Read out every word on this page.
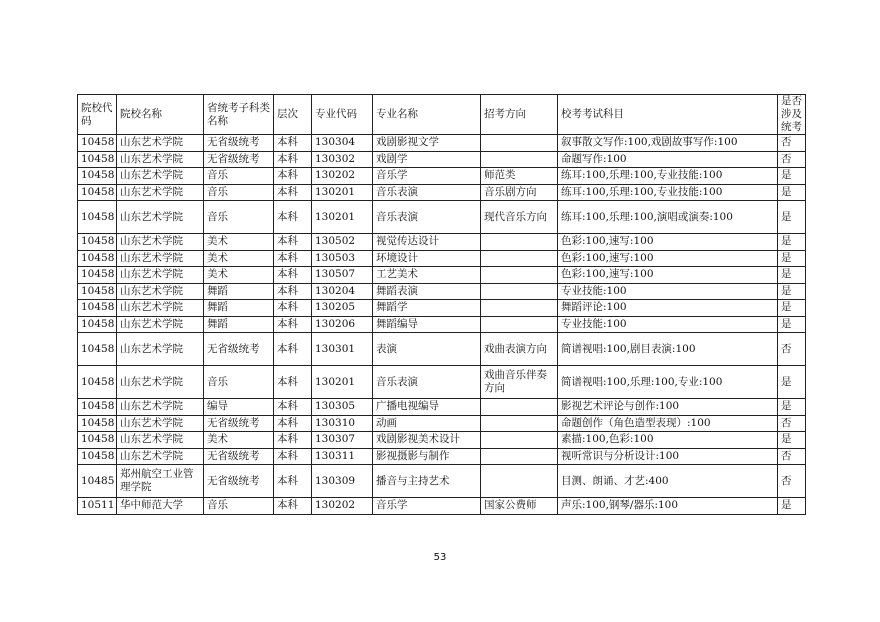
院校代码	院校名称	省统考子科类名称	层次	专业代码	专业名称	招考方向	校考考试科目	是否涉及统考
10458	山东艺术学院	无省级统考	本科	130304	戏剧影视文学		叙事散文写作:100,戏剧故事写作:100	否
10458	山东艺术学院	无省级统考	本科	130302	戏剧学		命题写作:100	否
10458	山东艺术学院	音乐	本科	130202	音乐学	师范类	练耳:100,乐理:100,专业技能:100	是
10458	山东艺术学院	音乐	本科	130201	音乐表演	音乐剧方向	练耳:100,乐理:100,专业技能:100	是
10458	山东艺术学院	音乐	本科	130201	音乐表演	现代音乐方向	练耳:100,乐理:100,演唱或演奏:100	是
10458	山东艺术学院	美术	本科	130502	视觉传达设计		色彩:100,速写:100	是
10458	山东艺术学院	美术	本科	130503	环境设计		色彩:100,速写:100	是
10458	山东艺术学院	美术	本科	130507	工艺美术		色彩:100,速写:100	是
10458	山东艺术学院	舞蹈	本科	130204	舞蹈表演		专业技能:100	是
10458	山东艺术学院	舞蹈	本科	130205	舞蹈学		舞蹈评论:100	是
10458	山东艺术学院	舞蹈	本科	130206	舞蹈编导		专业技能:100	是
10458	山东艺术学院	无省级统考	本科	130301	表演	戏曲表演方向	简谱视唱:100,剧目表演:100	否
10458	山东艺术学院	音乐	本科	130201	音乐表演	戏曲音乐伴奏方向	简谱视唱:100,乐理:100,专业:100	是
10458	山东艺术学院	编导	本科	130305	广播电视编导		影视艺术评论与创作:100	是
10458	山东艺术学院	无省级统考	本科	130310	动画		命题创作（角色造型表现）:100	否
10458	山东艺术学院	美术	本科	130307	戏剧影视美术设计		素描:100,色彩:100	是
10458	山东艺术学院	无省级统考	本科	130311	影视摄影与制作		视听常识与分析设计:100	否
10485	郑州航空工业管理学院	无省级统考	本科	130309	播音与主持艺术		目测、朗诵、才艺:400	否
10511	华中师范大学	音乐	本科	130202	音乐学	国家公费师	声乐:100,钢琴/器乐:100	是
53
